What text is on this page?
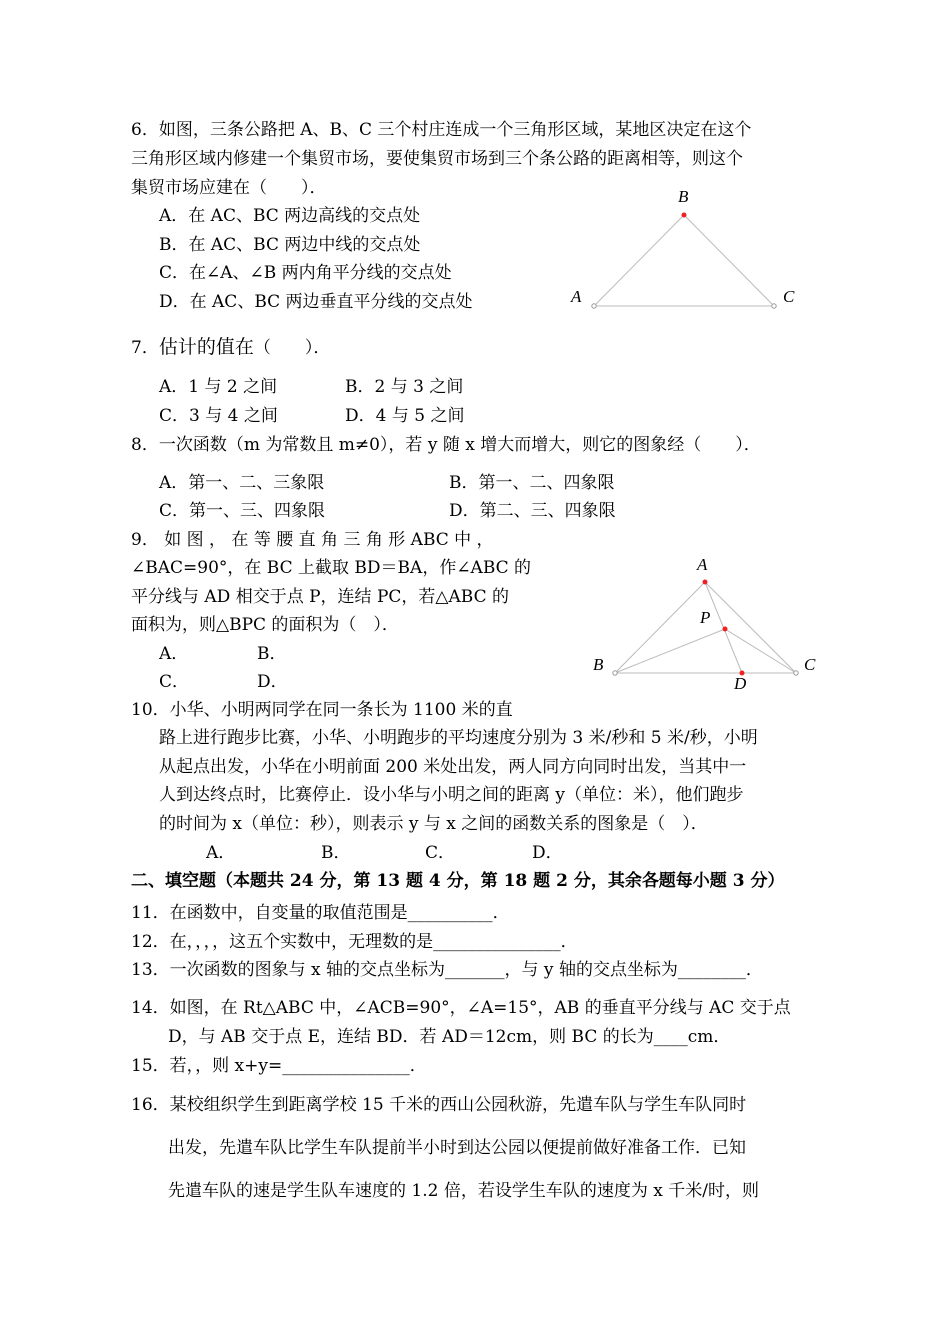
6．如图，三条公路把 A、B、C 三个村庄连成一个三角形区域，某地区决定在这个
三角形区域内修建一个集贸市场，要使集贸市场到三个条公路的距离相等，则这个
集贸市场应建在（　　）．
A．在 AC、BC 两边高线的交点处
B．在 AC、BC 两边中线的交点处
C．在∠A、∠B 两内角平分线的交点处
D．在 AC、BC 两边垂直平分线的交点处
B
A	C
7．估计的值在（　　）．
A．1 与 2 之间	B．2 与 3 之间
C．3 与 4 之间	D．4 与 5 之间
8．一次函数（m 为常数且 m≠0），若 y 随 x 增大而增大，则它的图象经（　　）．
A．第一、二、三象限	B．第一、二、四象限
C．第一、三、四象限	D．第二、三、四象限
9． 如 图 ， 在 等 腰 直 角 三 角 形 ABC 中 ，
∠BAC=90°，在 BC 上截取 BD＝BA，作∠ABC 的
平分线与 AD 相交于点 P，连结 PC，若△ABC 的
面积为，则△BPC 的面积为（　）．
A．	B．
C．	D．
A
P
B	C
D
10．小华、小明两同学在同一条长为 1100 米的直
路上进行跑步比赛，小华、小明跑步的平均速度分别为 3 米/秒和 5 米/秒，小明
从起点出发，小华在小明前面 200 米处出发，两人同方向同时出发，当其中一
人到达终点时，比赛停止．设小华与小明之间的距离 y（单位：米），他们跑步
的时间为 x（单位：秒），则表示 y 与 x 之间的函数关系的图象是（　）．
A．	B．	C．	D．
二、填空题（本题共 24 分，第 13 题 4 分，第 18 题 2 分，其余各题每小题 3 分）
11．在函数中，自变量的取值范围是__________．
12．在，，，，这五个实数中，无理数的是_______________．
13．一次函数的图象与 x 轴的交点坐标为_______，与 y 轴的交点坐标为________．
14．如图，在 Rt△ABC 中，∠ACB=90°，∠A=15°，AB 的垂直平分线与 AC 交于点
D，与 AB 交于点 E，连结 BD．若 AD＝12cm，则 BC 的长为____cm．
15．若，，则 x+y=_______________．
16．某校组织学生到距离学校 15 千米的西山公园秋游，先遣车队与学生车队同时
出发，先遣车队比学生车队提前半小时到达公园以便提前做好准备工作．已知
先遣车队的速是学生队车速度的 1.2 倍，若设学生车队的速度为 x 千米/时，则
